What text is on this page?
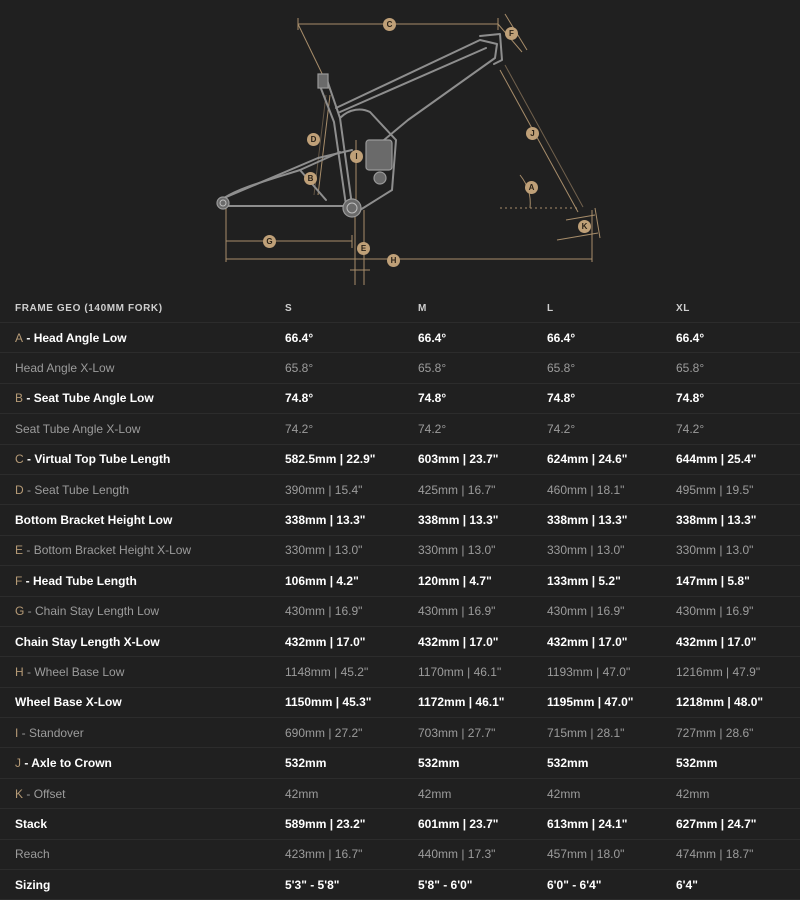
C
F
D
B
I
J
A
K
G
E
H
FRAME GEO (140MM FORK)	S	M	L	XL
A - Head Angle Low	66.4°	66.4°	66.4°	66.4°
Head Angle X-Low	65.8°	65.8°	65.8°	65.8°
B - Seat Tube Angle Low	74.8°	74.8°	74.8°	74.8°
Seat Tube Angle X-Low	74.2°	74.2°	74.2°	74.2°
C - Virtual Top Tube Length	582.5mm | 22.9"	603mm | 23.7"	624mm | 24.6"	644mm | 25.4"
D - Seat Tube Length	390mm | 15.4"	425mm | 16.7"	460mm | 18.1"	495mm | 19.5"
Bottom Bracket Height Low	338mm | 13.3"	338mm | 13.3"	338mm | 13.3"	338mm | 13.3"
E - Bottom Bracket Height X-Low	330mm | 13.0"	330mm | 13.0"	330mm | 13.0"	330mm | 13.0"
F - Head Tube Length	106mm | 4.2"	120mm | 4.7"	133mm | 5.2"	147mm | 5.8"
G - Chain Stay Length Low	430mm | 16.9"	430mm | 16.9"	430mm | 16.9"	430mm | 16.9"
Chain Stay Length X-Low	432mm | 17.0"	432mm | 17.0"	432mm | 17.0"	432mm | 17.0"
H - Wheel Base Low	1148mm | 45.2"	1170mm | 46.1"	1193mm | 47.0"	1216mm | 47.9"
Wheel Base X-Low	1150mm | 45.3"	1172mm | 46.1"	1195mm | 47.0"	1218mm | 48.0"
I - Standover	690mm | 27.2"	703mm | 27.7"	715mm | 28.1"	727mm | 28.6"
J - Axle to Crown	532mm	532mm	532mm	532mm
K - Offset	42mm	42mm	42mm	42mm
Stack	589mm | 23.2"	601mm | 23.7"	613mm | 24.1"	627mm | 24.7"
Reach	423mm | 16.7"	440mm | 17.3"	457mm | 18.0"	474mm | 18.7"
Sizing	5'3" - 5'8"	5'8" - 6'0"	6'0" - 6'4"	6'4"
